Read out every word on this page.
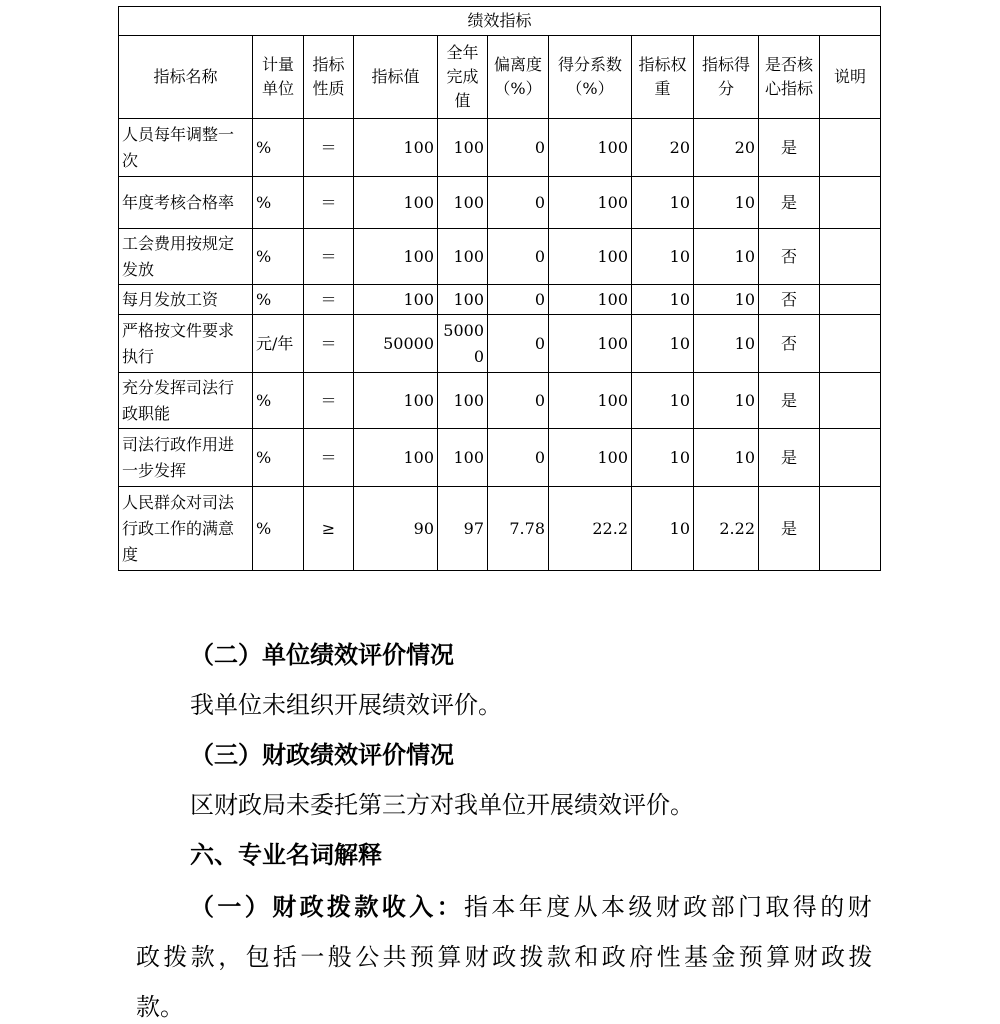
绩效指标										
指标名称	计量单位	指标性质	指标值	全年完成值	偏离度（%）	得分系数（%）	指标权重	指标得分	是否核心指标	说明
人员每年调整一次	%	＝	100	100	0	100	20	20	是	
年度考核合格率	%	＝	100	100	0	100	10	10	是	
工会费用按规定发放	%	＝	100	100	0	100	10	10	否	
每月发放工资	%	＝	100	100	0	100	10	10	否	
严格按文件要求执行	元/年	＝	50000	50000	0	100	10	10	否	
充分发挥司法行政职能	%	＝	100	100	0	100	10	10	是	
司法行政作用进一步发挥	%	＝	100	100	0	100	10	10	是	
人民群众对司法行政工作的满意度	%	≥	90	97	7.78	22.2	10	2.22	是	

（二）单位绩效评价情况

我单位未组织开展绩效评价。

（三）财政绩效评价情况

区财政局未委托第三方对我单位开展绩效评价。

六、专业名词解释

（一）财政拨款收入：指本年度从本级财政部门取得的财

政拨款，包括一般公共预算财政拨款和政府性基金预算财政拨

款。
